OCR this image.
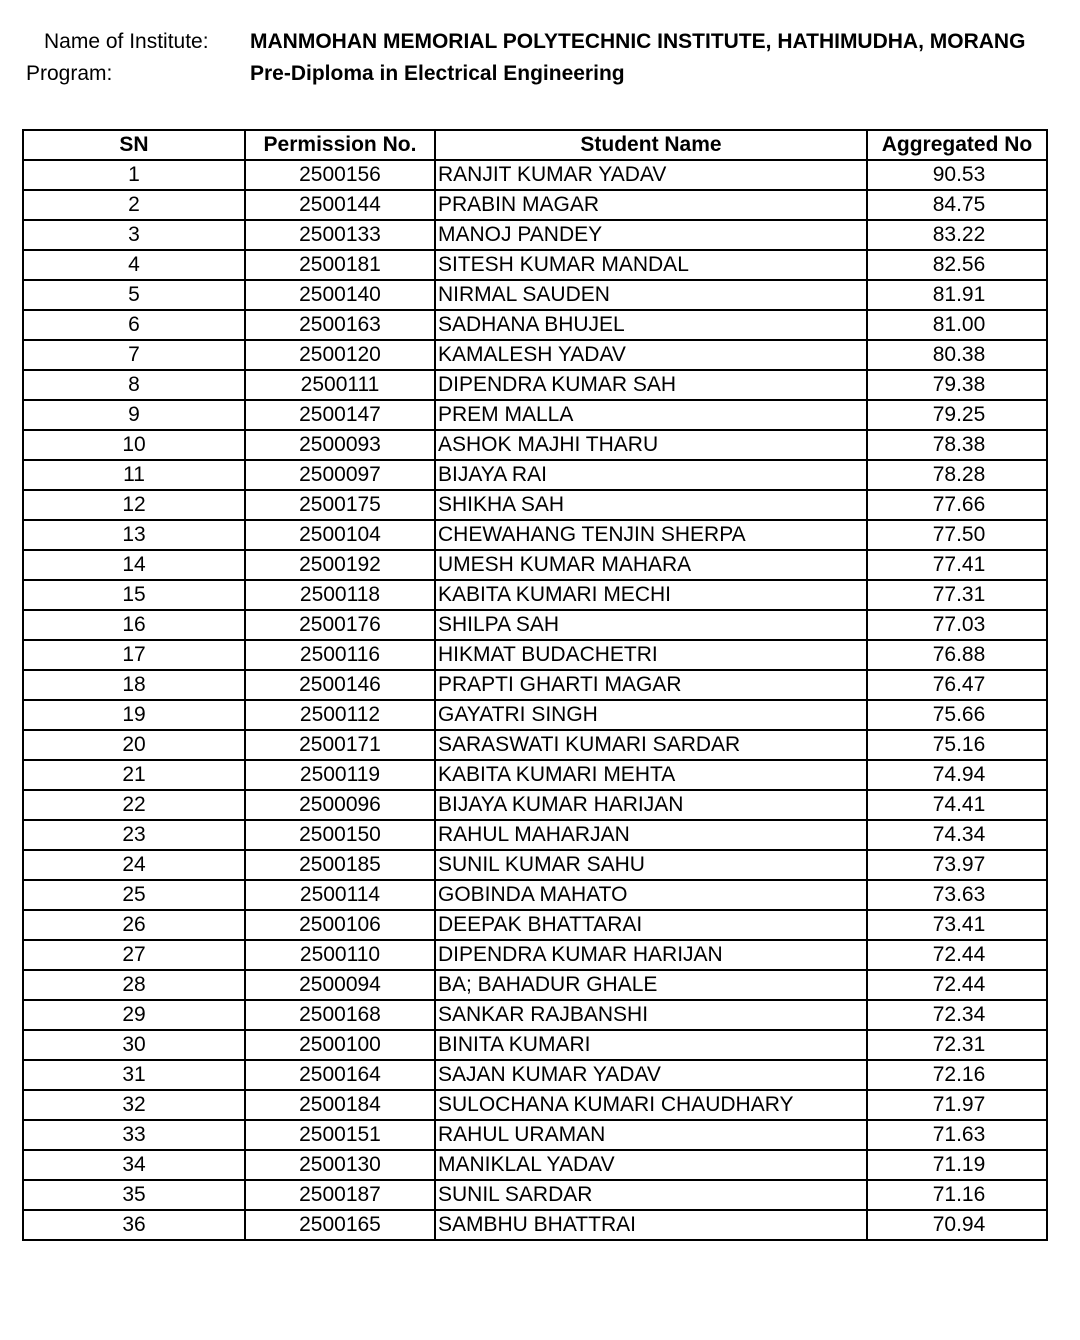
Name of Institute: MANMOHAN MEMORIAL POLYTECHNIC INSTITUTE, HATHIMUDHA, MORANG
Program:	Pre-Diploma in Electrical Engineering
SN	Permission No.	Student Name	Aggregated No
1	2500156	RANJIT KUMAR YADAV	90.53
2	2500144	PRABIN MAGAR	84.75
3	2500133	MANOJ PANDEY	83.22
4	2500181	SITESH KUMAR MANDAL	82.56
5	2500140	NIRMAL SAUDEN	81.91
6	2500163	SADHANA BHUJEL	81.00
7	2500120	KAMALESH YADAV	80.38
8	2500111	DIPENDRA KUMAR SAH	79.38
9	2500147	PREM MALLA	79.25
10	2500093	ASHOK MAJHI THARU	78.38
11	2500097	BIJAYA RAI	78.28
12	2500175	SHIKHA SAH	77.66
13	2500104	CHEWAHANG TENJIN SHERPA	77.50
14	2500192	UMESH KUMAR MAHARA	77.41
15	2500118	KABITA KUMARI MECHI	77.31
16	2500176	SHILPA SAH	77.03
17	2500116	HIKMAT BUDACHETRI	76.88
18	2500146	PRAPTI GHARTI MAGAR	76.47
19	2500112	GAYATRI SINGH	75.66
20	2500171	SARASWATI KUMARI SARDAR	75.16
21	2500119	KABITA KUMARI MEHTA	74.94
22	2500096	BIJAYA KUMAR HARIJAN	74.41
23	2500150	RAHUL MAHARJAN	74.34
24	2500185	SUNIL KUMAR SAHU	73.97
25	2500114	GOBINDA MAHATO	73.63
26	2500106	DEEPAK BHATTARAI	73.41
27	2500110	DIPENDRA KUMAR HARIJAN	72.44
28	2500094	BA; BAHADUR GHALE	72.44
29	2500168	SANKAR RAJBANSHI	72.34
30	2500100	BINITA KUMARI	72.31
31	2500164	SAJAN KUMAR YADAV	72.16
32	2500184	SULOCHANA KUMARI CHAUDHARY	71.97
33	2500151	RAHUL URAMAN	71.63
34	2500130	MANIKLAL YADAV	71.19
35	2500187	SUNIL SARDAR	71.16
36	2500165	SAMBHU BHATTRAI	70.94
